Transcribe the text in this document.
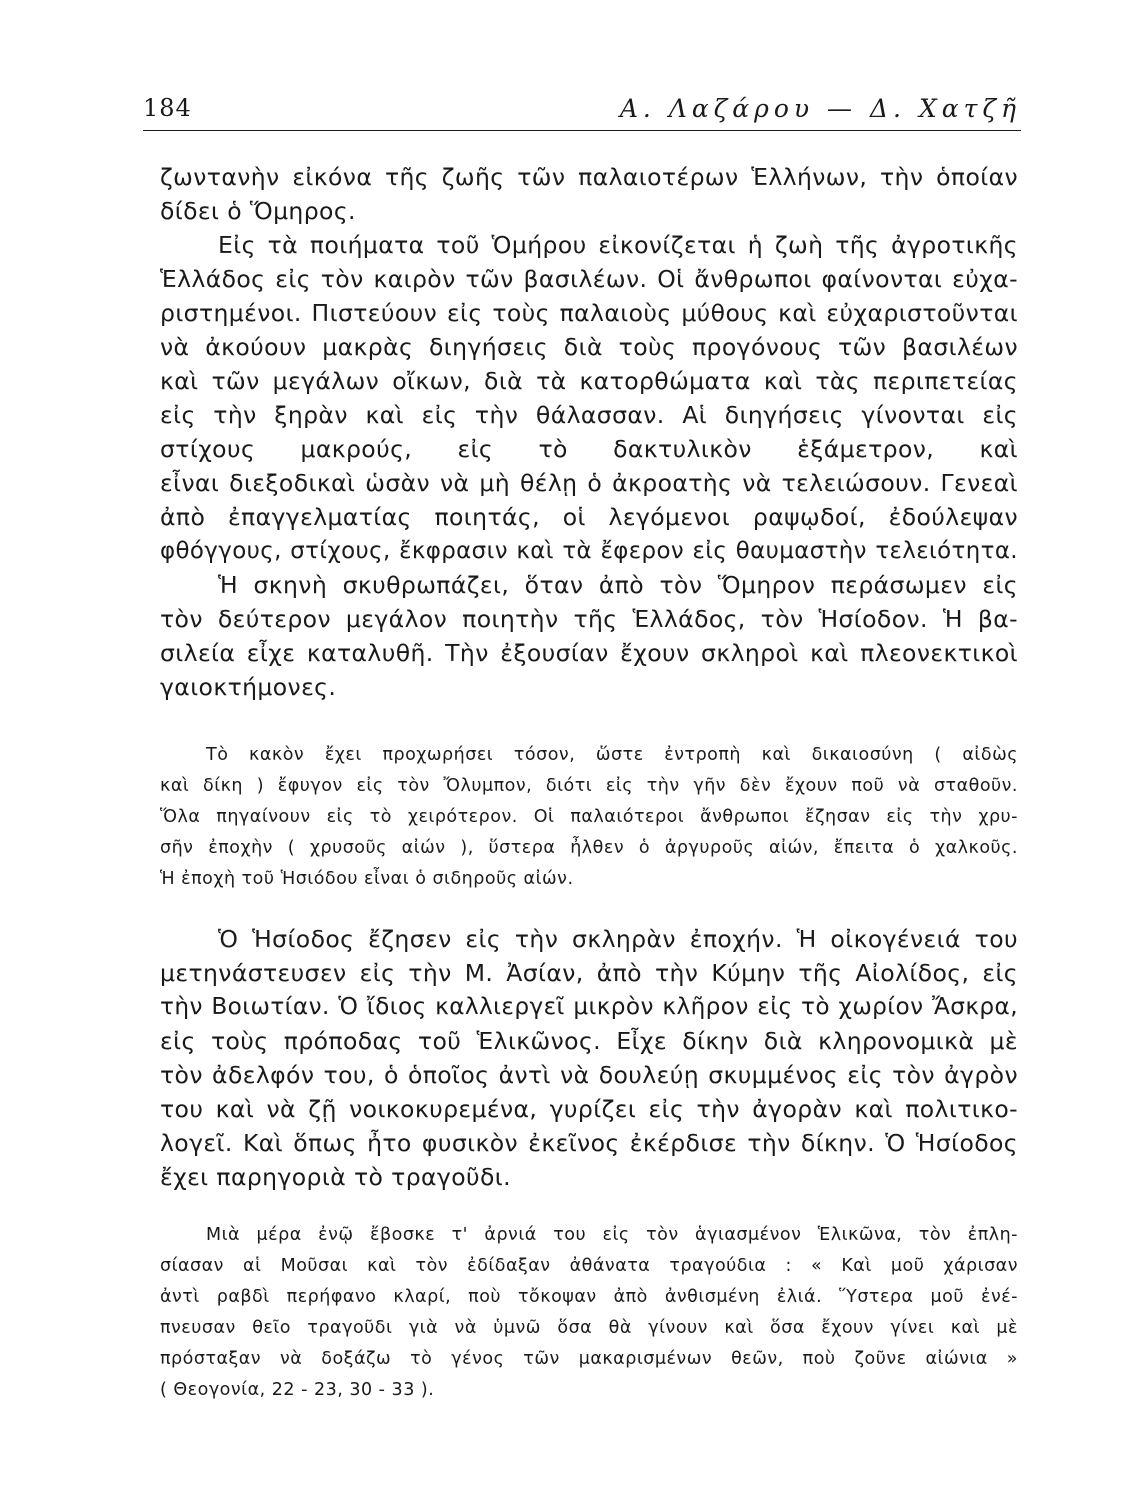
184	Α. Λαζάρου — Δ. Χατζῆ
ζωντανὴν εἰκόνα τῆς ζωῆς τῶν παλαιοτέρων Ἑλλήνων, τὴν ὁποίαν
δίδει ὁ Ὅμηρος.
Εἰς τὰ ποιήματα τοῦ Ὁμήρου εἰκονίζεται ἡ ζωὴ τῆς ἀγροτικῆς
Ἑλλάδος εἰς τὸν καιρὸν τῶν βασιλέων. Οἱ ἄνθρωποι φαίνονται εὐχα-
ριστημένοι. Πιστεύουν εἰς τοὺς παλαιοὺς μύθους καὶ εὐχαριστοῦνται
νὰ ἀκούουν μακρὰς διηγήσεις διὰ τοὺς προγόνους τῶν βασιλέων
καὶ τῶν μεγάλων οἴκων, διὰ τὰ κατορθώματα καὶ τὰς περιπετείας
εἰς τὴν ξηρὰν καὶ εἰς τὴν θάλασσαν. Αἱ διηγήσεις γίνονται εἰς
στίχους μακρούς, εἰς τὸ δακτυλικὸν ἑξάμετρον, καὶ
εἶναι διεξοδικαὶ ὡσὰν νὰ μὴ θέλῃ ὁ ἀκροατὴς νὰ τελειώσουν. Γενεαὶ
ἀπὸ ἐπαγγελματίας ποιητάς, οἱ λεγόμενοι ραψῳδοί, ἐδούλεψαν
φθόγγους, στίχους, ἔκφρασιν καὶ τὰ ἔφερον εἰς θαυμαστὴν τελειότητα.
Ἡ σκηνὴ σκυθρωπάζει, ὅταν ἀπὸ τὸν Ὅμηρον περάσωμεν εἰς
τὸν δεύτερον μεγάλον ποιητὴν τῆς Ἑλλάδος, τὸν Ἡσίοδον. Ἡ βα-
σιλεία εἶχε καταλυθῆ. Τὴν ἐξουσίαν ἔχουν σκληροὶ καὶ πλεονεκτικοὶ
γαιοκτήμονες.
Τὸ κακὸν ἔχει προχωρήσει τόσον, ὥστε ἐντροπὴ καὶ δικαιοσύνη ( αἰδὼς
καὶ δίκη ) ἔφυγον εἰς τὸν Ὄλυμπον, διότι εἰς τὴν γῆν δὲν ἔχουν ποῦ νὰ σταθοῦν.
Ὅλα πηγαίνουν εἰς τὸ χειρότερον. Οἱ παλαιότεροι ἄνθρωποι ἔζησαν εἰς τὴν χρυ-
σῆν ἐποχὴν ( χρυσοῦς αἰών ), ὕστερα ἦλθεν ὁ ἀργυροῦς αἰών, ἔπειτα ὁ χαλκοῦς.
Ἡ ἐποχὴ τοῦ Ἡσιόδου εἶναι ὁ σιδηροῦς αἰών.
Ὁ Ἡσίοδος ἔζησεν εἰς τὴν σκληρὰν ἐποχήν. Ἡ οἰκογένειά του
μετηνάστευσεν εἰς τὴν Μ. Ἀσίαν, ἀπὸ τὴν Κύμην τῆς Αἰολίδος, εἰς
τὴν Βοιωτίαν. Ὁ ἴδιος καλλιεργεῖ μικρὸν κλῆρον εἰς τὸ χωρίον Ἄσκρα,
εἰς τοὺς πρόποδας τοῦ Ἑλικῶνος. Εἶχε δίκην διὰ κληρονομικὰ μὲ
τὸν ἀδελφόν του, ὁ ὁποῖος ἀντὶ νὰ δουλεύῃ σκυμμένος εἰς τὸν ἀγρὸν
του καὶ νὰ ζῇ νοικοκυρεμένα, γυρίζει εἰς τὴν ἀγορὰν καὶ πολιτικο-
λογεῖ. Καὶ ὅπως ἦτο φυσικὸν ἐκεῖνος ἐκέρδισε τὴν δίκην. Ὁ Ἡσίοδος
ἔχει παρηγοριὰ τὸ τραγοῦδι.
Μιὰ μέρα ἐνῷ ἔβοσκε τ' ἀρνιά του εἰς τὸν ἁγιασμένον Ἑλικῶνα, τὸν ἐπλη-
σίασαν αἱ Μοῦσαι καὶ τὸν ἐδίδαξαν ἀθάνατα τραγούδια : « Καὶ μοῦ χάρισαν
ἀντὶ ραβδὶ περήφανο κλαρί, ποὺ τὄκοψαν ἀπὸ ἀνθισμένη ἐλιά. Ὕστερα μοῦ ἐνέ-
πνευσαν θεῖο τραγοῦδι γιὰ νὰ ὑμνῶ ὅσα θὰ γίνουν καὶ ὅσα ἔχουν γίνει καὶ μὲ
πρόσταξαν νὰ δοξάζω τὸ γένος τῶν μακαρισμένων θεῶν, ποὺ ζοῦνε αἰώνια »
( Θεογονία, 22 - 23, 30 - 33 ).
